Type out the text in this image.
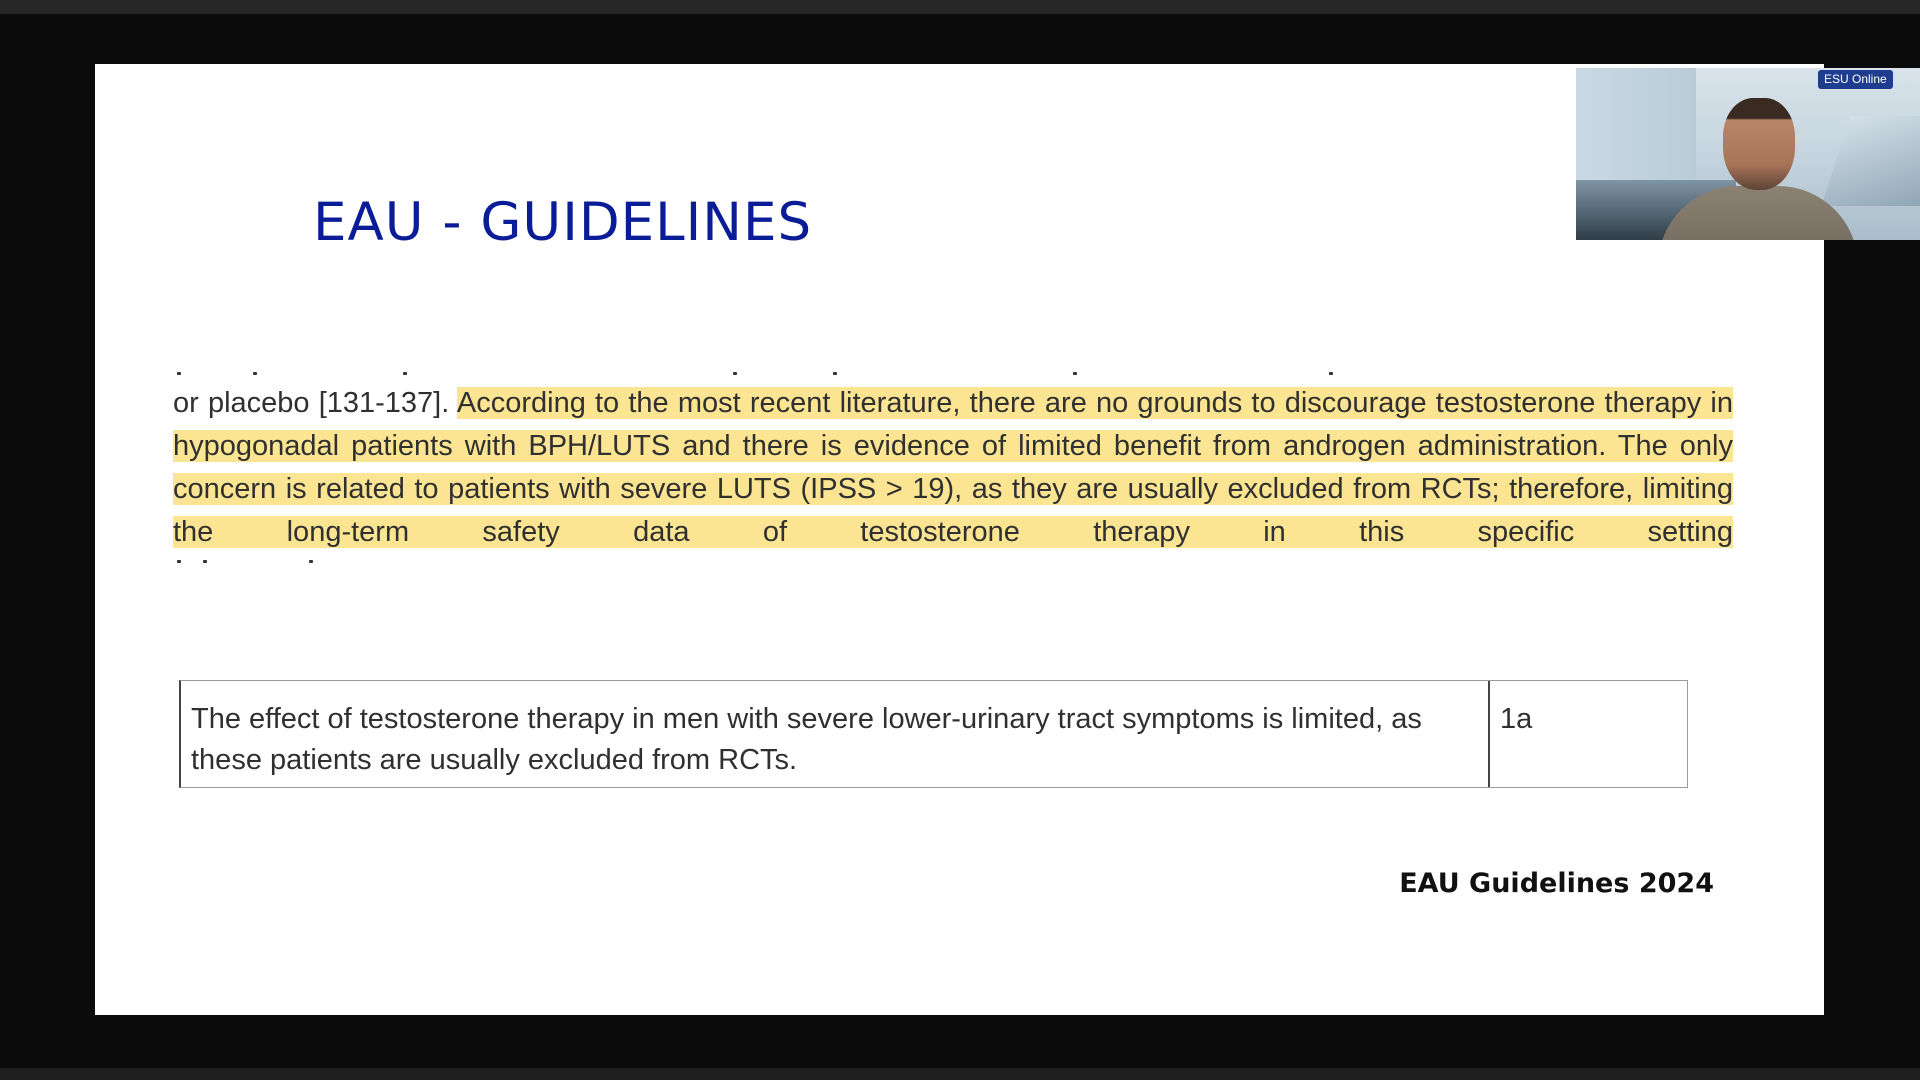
EAU - GUIDELINES

or placebo [131-137]. According to the most recent literature, there are no grounds to discourage testosterone therapy in hypogonadal patients with BPH/LUTS and there is evidence of limited benefit from androgen administration. The only concern is related to patients with severe LUTS (IPSS > 19), as they are usually excluded from RCTs; therefore, limiting the long-term safety data of testosterone therapy in this specific setting

The effect of testosterone therapy in men with severe lower-urinary tract symptoms is limited, as these patients are usually excluded from RCTs.
1a
EAU Guidelines 2024
ESU Online
